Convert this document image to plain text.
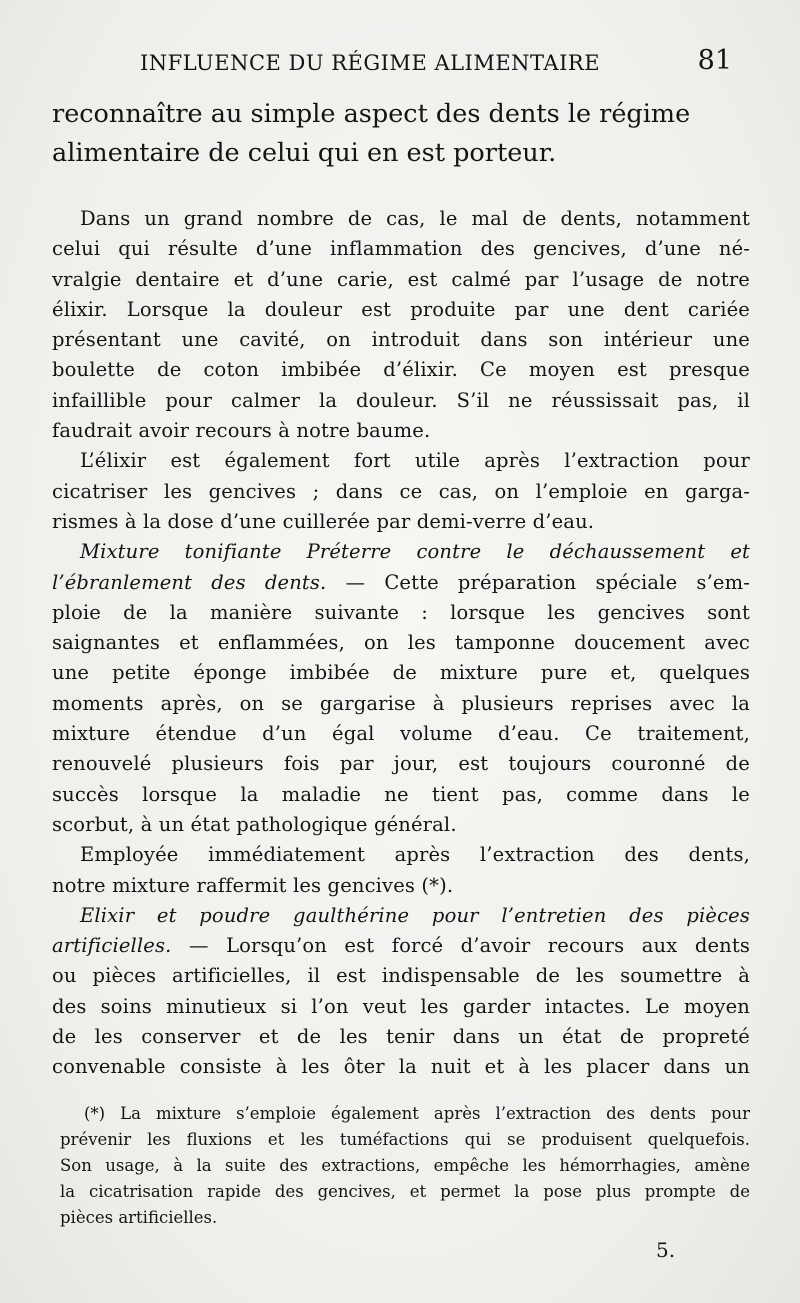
INFLUENCE DU RÉGIME ALIMENTAIRE	81
reconnaître au simple aspect des dents le régime
alimentaire de celui qui en est porteur.
Dans un grand nombre de cas, le mal de dents, notamment
celui qui résulte d’une inflammation des gencives, d’une né-
vralgie dentaire et d’une carie, est calmé par l’usage de notre
élixir. Lorsque la douleur est produite par une dent cariée
présentant une cavité, on introduit dans son intérieur une
boulette de coton imbibée d’élixir. Ce moyen est presque
infaillible pour calmer la douleur. S’il ne réussissait pas, il
faudrait avoir recours à notre baume.
L’élixir est également fort utile après l’extraction pour
cicatriser les gencives ; dans ce cas, on l’emploie en garga-
rismes à la dose d’une cuillerée par demi-verre d’eau.
Mixture tonifiante Préterre contre le déchaussement et
l’ébranlement des dents. — Cette préparation spéciale s’em-
ploie de la manière suivante : lorsque les gencives sont
saignantes et enflammées, on les tamponne doucement avec
une petite éponge imbibée de mixture pure et, quelques
moments après, on se gargarise à plusieurs reprises avec la
mixture étendue d’un égal volume d’eau. Ce traitement,
renouvelé plusieurs fois par jour, est toujours couronné de
succès lorsque la maladie ne tient pas, comme dans le
scorbut, à un état pathologique général.
Employée immédiatement après l’extraction des dents,
notre mixture raffermit les gencives (*).
Elixir et poudre gaulthérine pour l’entretien des pièces
artificielles. — Lorsqu’on est forcé d’avoir recours aux dents
ou pièces artificielles, il est indispensable de les soumettre à
des soins minutieux si l’on veut les garder intactes. Le moyen
de les conserver et de les tenir dans un état de propreté
convenable consiste à les ôter la nuit et à les placer dans un
(*) La mixture s’emploie également après l’extraction des dents pour
prévenir les fluxions et les tuméfactions qui se produisent quelquefois.
Son usage, à la suite des extractions, empêche les hémorrhagies, amène
la cicatrisation rapide des gencives, et permet la pose plus prompte de
pièces artificielles.
5.
